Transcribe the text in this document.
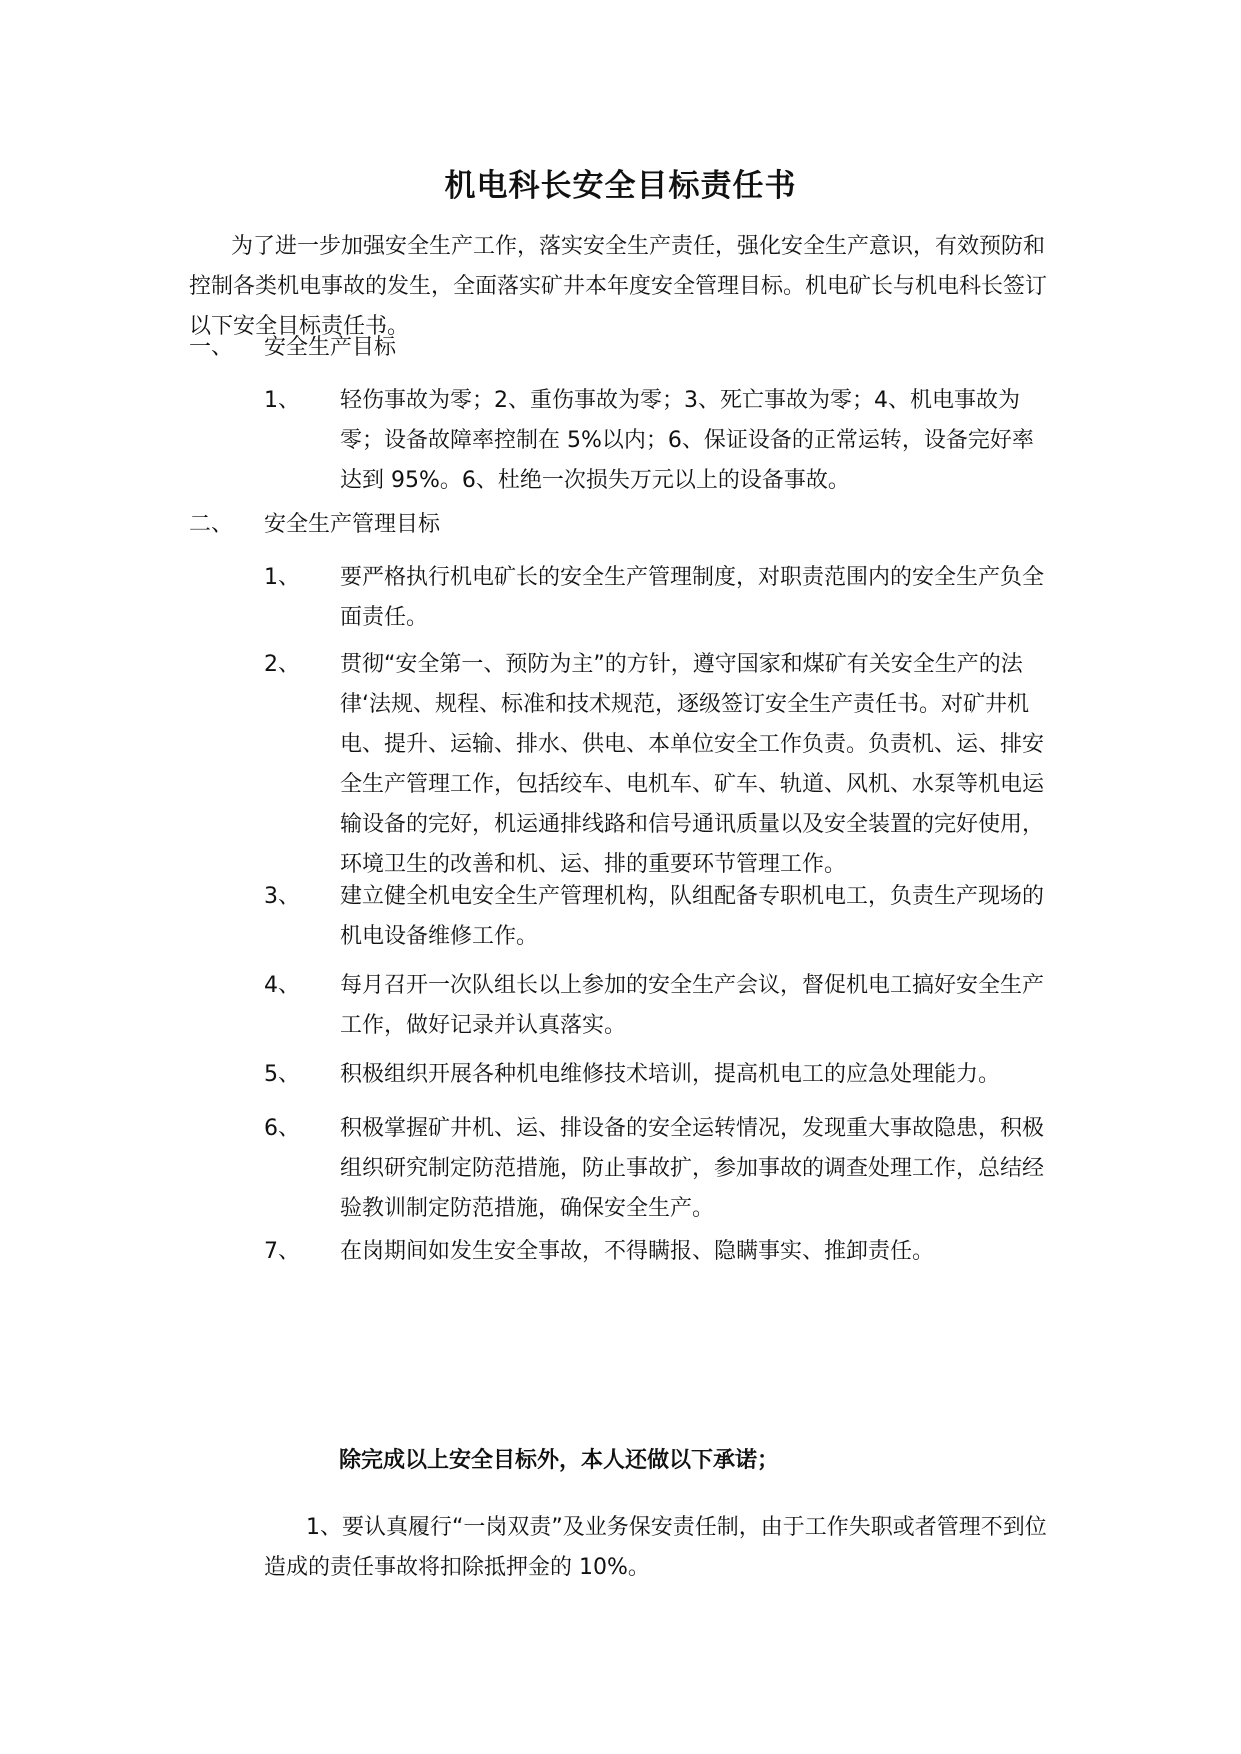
机电科长安全目标责任书

为了进一步加强安全生产工作，落实安全生产责任，强化安全生产意识，有效预防和控制各类机电事故的发生，全面落实矿井本年度安全管理目标。机电矿长与机电科长签订以下安全目标责任书。

一、 安全生产目标
1、 轻伤事故为零；2、重伤事故为零；3、死亡事故为零；4、机电事故为零；设备故障率控制在 5%以内；6、保证设备的正常运转，设备完好率达到 95%。6、杜绝一次损失万元以上的设备事故。
二、 安全生产管理目标
1、 要严格执行机电矿长的安全生产管理制度，对职责范围内的安全生产负全面责任。
2、 贯彻“安全第一、预防为主”的方针，遵守国家和煤矿有关安全生产的法律‘法规、规程、标准和技术规范，逐级签订安全生产责任书。对矿井机电、提升、运输、排水、供电、本单位安全工作负责。负责机、运、排安全生产管理工作，包括绞车、电机车、矿车、轨道、风机、水泵等机电运输设备的完好，机运通排线路和信号通讯质量以及安全装置的完好使用，环境卫生的改善和机、运、排的重要环节管理工作。
3、 建立健全机电安全生产管理机构，队组配备专职机电工，负责生产现场的机电设备维修工作。
4、 每月召开一次队组长以上参加的安全生产会议，督促机电工搞好安全生产工作，做好记录并认真落实。
5、 积极组织开展各种机电维修技术培训，提高机电工的应急处理能力。
6、 积极掌握矿井机、运、排设备的安全运转情况，发现重大事故隐患，积极组织研究制定防范措施，防止事故扩，参加事故的调查处理工作，总结经验教训制定防范措施，确保安全生产。
7、 在岗期间如发生安全事故，不得瞒报、隐瞒事实、推卸责任。
除完成以上安全目标外，本人还做以下承诺；

1、要认真履行“一岗双责”及业务保安责任制，由于工作失职或者管理不到位造成的责任事故将扣除抵押金的 10%。
